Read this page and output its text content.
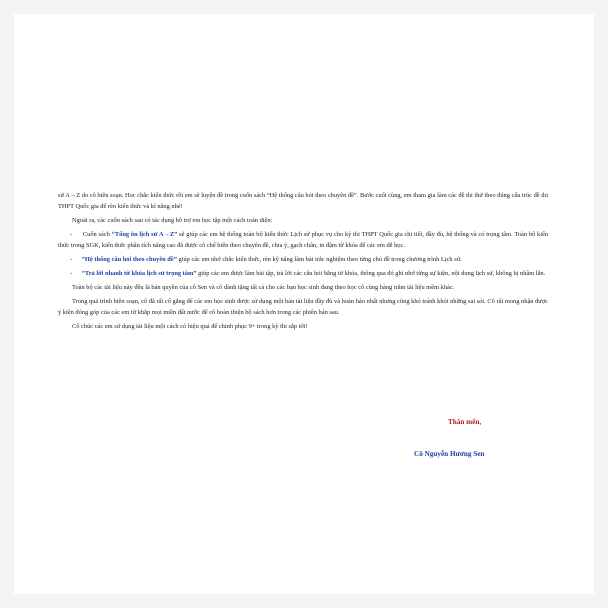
sử A→Z do cô biên soạn. Học chắc kiến thức rồi em sẽ luyện đề trong cuốn sách “Hệ thống câu hỏi theo chuyên đề”. Bước cuối cùng, em tham gia làm các đề thi thử theo đúng cấu trúc đề thi THPT Quốc gia để rèn kiến thức và kĩ năng nhé!

Ngoài ra, các cuốn sách sau có tác dụng hỗ trợ em học tập một cách toàn diện:

- Cuốn sách “Tổng ôn lịch sử A→Z” sẽ giúp các em hệ thống toàn bộ kiến thức Lịch sử phục vụ cho kỳ thi THPT Quốc gia chi tiết, đầy đủ, hệ thống và có trọng tâm. Toàn bộ kiến thức trong SGK, kiến thức phân tích nâng cao đã được cô chế biến theo chuyên đề, chia ý, gạch chân, in đậm từ khóa để các em dễ học.

- “Hệ thống câu hỏi theo chuyên đề” giúp các em nhớ chắc kiến thức, rèn kỹ năng làm bài trắc nghiệm theo từng chủ đề trong chương trình Lịch sử.

- “Trả lời nhanh từ khóa lịch sử trọng tâm” giúp các em được làm bài tập, trả lời các câu hỏi bằng từ khóa, thông qua đó ghi nhớ từng sự kiện, nội dung lịch sử, không bị nhầm lẫn.

Toàn bộ các tài liệu này đều là bản quyền của cô Sen và cô dành tặng tất cả cho các bạn học sinh đang theo học cô cùng hàng trăm tài liệu mềm khác.

Trong quá trình biên soạn, cô đã rất cố gắng để các em học sinh được sử dụng một bản tài liệu đầy đủ và hoàn hảo nhất nhưng cũng khó tránh khỏi những sai sót. Cô rất mong nhận được ý kiến đóng góp của các em từ khắp mọi miền đất nước để cô hoàn thiện bộ sách hơn trong các phiên bản sau.

Cô chúc các em sử dụng tài liệu một cách có hiệu quả để chinh phục 9+ trong kỳ thi sắp tới!

Thân mến,
Cô Nguyễn Hương Sen
